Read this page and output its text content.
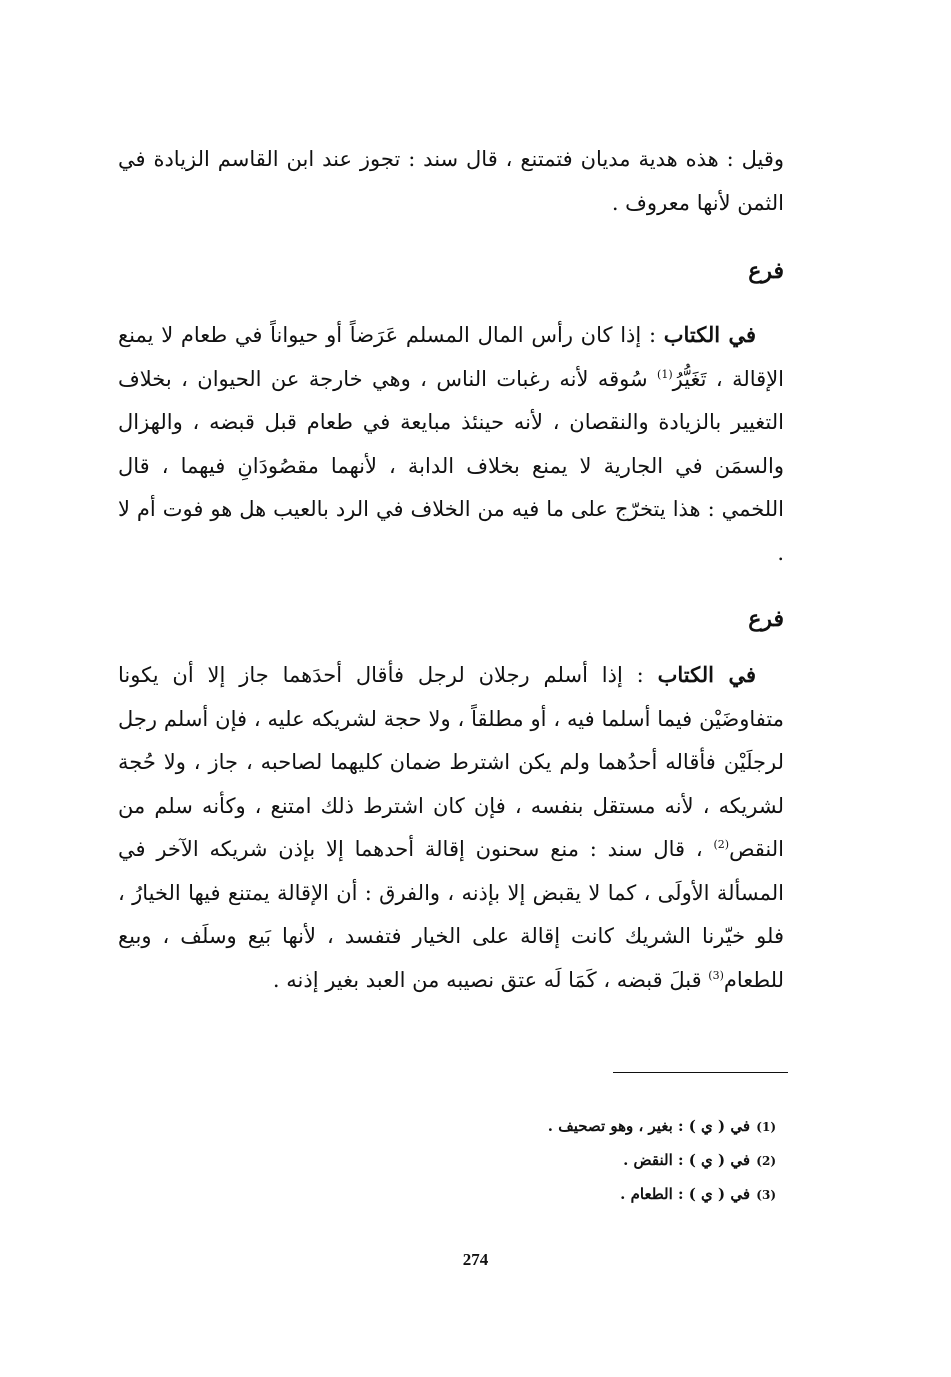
وقيل : هذه هدية مديان فتمتنع ، قال سند : تجوز عند ابن القاسم الزيادة في الثمن لأنها معروف .

فرع

في الكتاب : إذا كان رأس المال المسلم عَرَضاً أو حيواناً في طعام لا يمنع الإقالة ، تَغَيُّرُ$^{(1)}$ سُوقه لأنه رغبات الناس ، وهي خارجة عن الحيوان ، بخلاف التغيير بالزيادة والنقصان ، لأنه حينئذ مبايعة في طعام قبل قبضه ، والهزال والسمَن في الجارية لا يمنع بخلاف الدابة ، لأنهما مقصُودَانِ فيهما ، قال اللخمي : هذا يتخرّج على ما فيه من الخلاف في الرد بالعيب هل هو فوت أم لا .

فرع

في الكتاب : إذا أسلم رجلان لرجل فأقال أحدَهما جاز إلا أن يكونا متفاوضَيْن فيما أسلما فيه ، أو مطلقاً ، ولا حجة لشريكه عليه ، فإن أسلم رجل لرجلَيْن فأقاله أحدُهما ولم يكن اشترط ضمان كليهما لصاحبه ، جاز ، ولا حُجة لشريكه ، لأنه مستقل بنفسه ، فإن كان اشترط ذلك امتنع ، وكأنه سلم من النقص$^{(2)}$ ، قال سند : منع سحنون إقالة أحدهما إلا بإذن شريكه الآخر في المسألة الأولَى ، كما لا يقبض إلا بإذنه ، والفرق : أن الإقالة يمتنع فيها الخيارُ ، فلو خيّرنا الشريك كانت إقالة على الخيار فتفسد ، لأنها بَيع وسلَف ، وبيع للطعام$^{(3)}$ قبلَ قبضه ، كَمَا لَه عتق نصيبه من العبد بغير إذنه .

(1)في ( ي ) : بغير ، وهو تصحيف .
(2)في ( ي ) : النقض .
(3)في ( ي ) : الطعام .
274
